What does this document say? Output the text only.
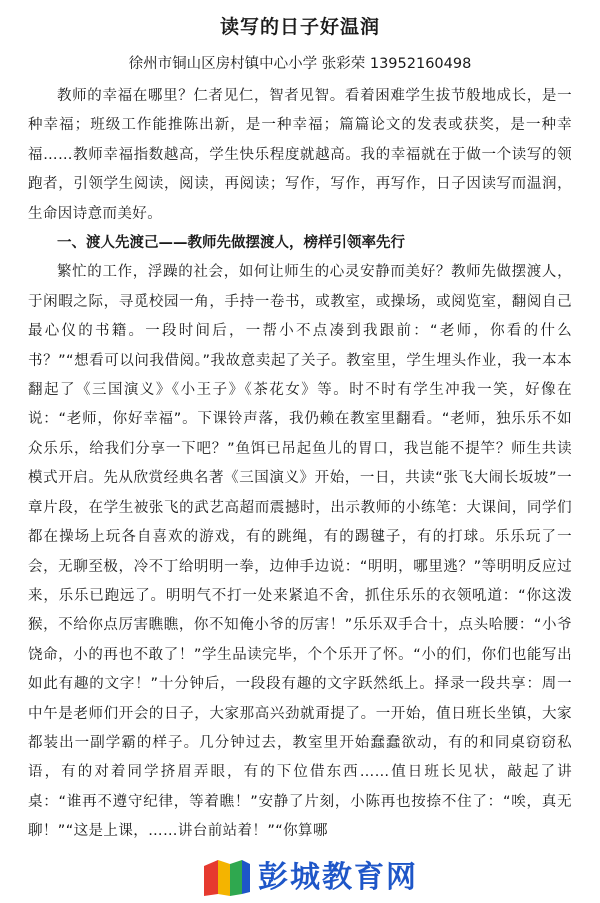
读写的日子好温润
徐州市铜山区房村镇中心小学 张彩荣 13952160498

教师的幸福在哪里？仁者见仁，智者见智。看着困难学生拔节般地成长，是一种幸福；班级工作能推陈出新，是一种幸福；篇篇论文的发表或获奖，是一种幸福……教师幸福指数越高，学生快乐程度就越高。我的幸福就在于做一个读写的领跑者，引领学生阅读，阅读，再阅读；写作，写作，再写作，日子因读写而温润，生命因诗意而美好。

一、渡人先渡己——教师先做摆渡人，榜样引领率先行

繁忙的工作，浮躁的社会，如何让师生的心灵安静而美好？教师先做摆渡人，于闲暇之际，寻觅校园一角，手持一卷书，或教室，或操场，或阅览室，翻阅自己最心仪的书籍。一段时间后，一帮小不点凑到我跟前：“老师，你看的什么书？”“想看可以问我借阅。”我故意卖起了关子。教室里，学生埋头作业，我一本本翻起了《三国演义》《小王子》《茶花女》等。时不时有学生冲我一笑，好像在说：“老师，你好幸福”。下课铃声落，我仍赖在教室里翻看。“老师，独乐乐不如众乐乐，给我们分享一下吧？”鱼饵已吊起鱼儿的胃口，我岂能不提竿？师生共读模式开启。先从欣赏经典名著《三国演义》开始，一日，共读“张飞大闹长坂坡”一章片段，在学生被张飞的武艺高超而震撼时，出示教师的小练笔：大课间，同学们都在操场上玩各自喜欢的游戏，有的跳绳，有的踢毽子，有的打球。乐乐玩了一会，无聊至极，冷不丁给明明一拳，边伸手边说：“明明，哪里逃？”等明明反应过来，乐乐已跑远了。明明气不打一处来紧追不舍，抓住乐乐的衣领吼道：“你这泼猴，不给你点厉害瞧瞧，你不知俺小爷的厉害！”乐乐双手合十，点头哈腰：“小爷饶命，小的再也不敢了！”学生品读完毕，个个乐开了怀。“小的们，你们也能写出如此有趣的文字！”十分钟后，一段段有趣的文字跃然纸上。择录一段共享：周一中午是老师们开会的日子，大家那高兴劲就甭提了。一开始，值日班长坐镇，大家都装出一副学霸的样子。几分钟过去，教室里开始蠢蠢欲动，有的和同桌窃窃私语，有的对着同学挤眉弄眼，有的下位借东西……值日班长见状，敲起了讲桌：“谁再不遵守纪律，等着瞧！”安静了片刻，小陈再也按捺不住了：“唉，真无聊！”“这是上课，……讲台前站着！”“你算哪

彭城教育网
